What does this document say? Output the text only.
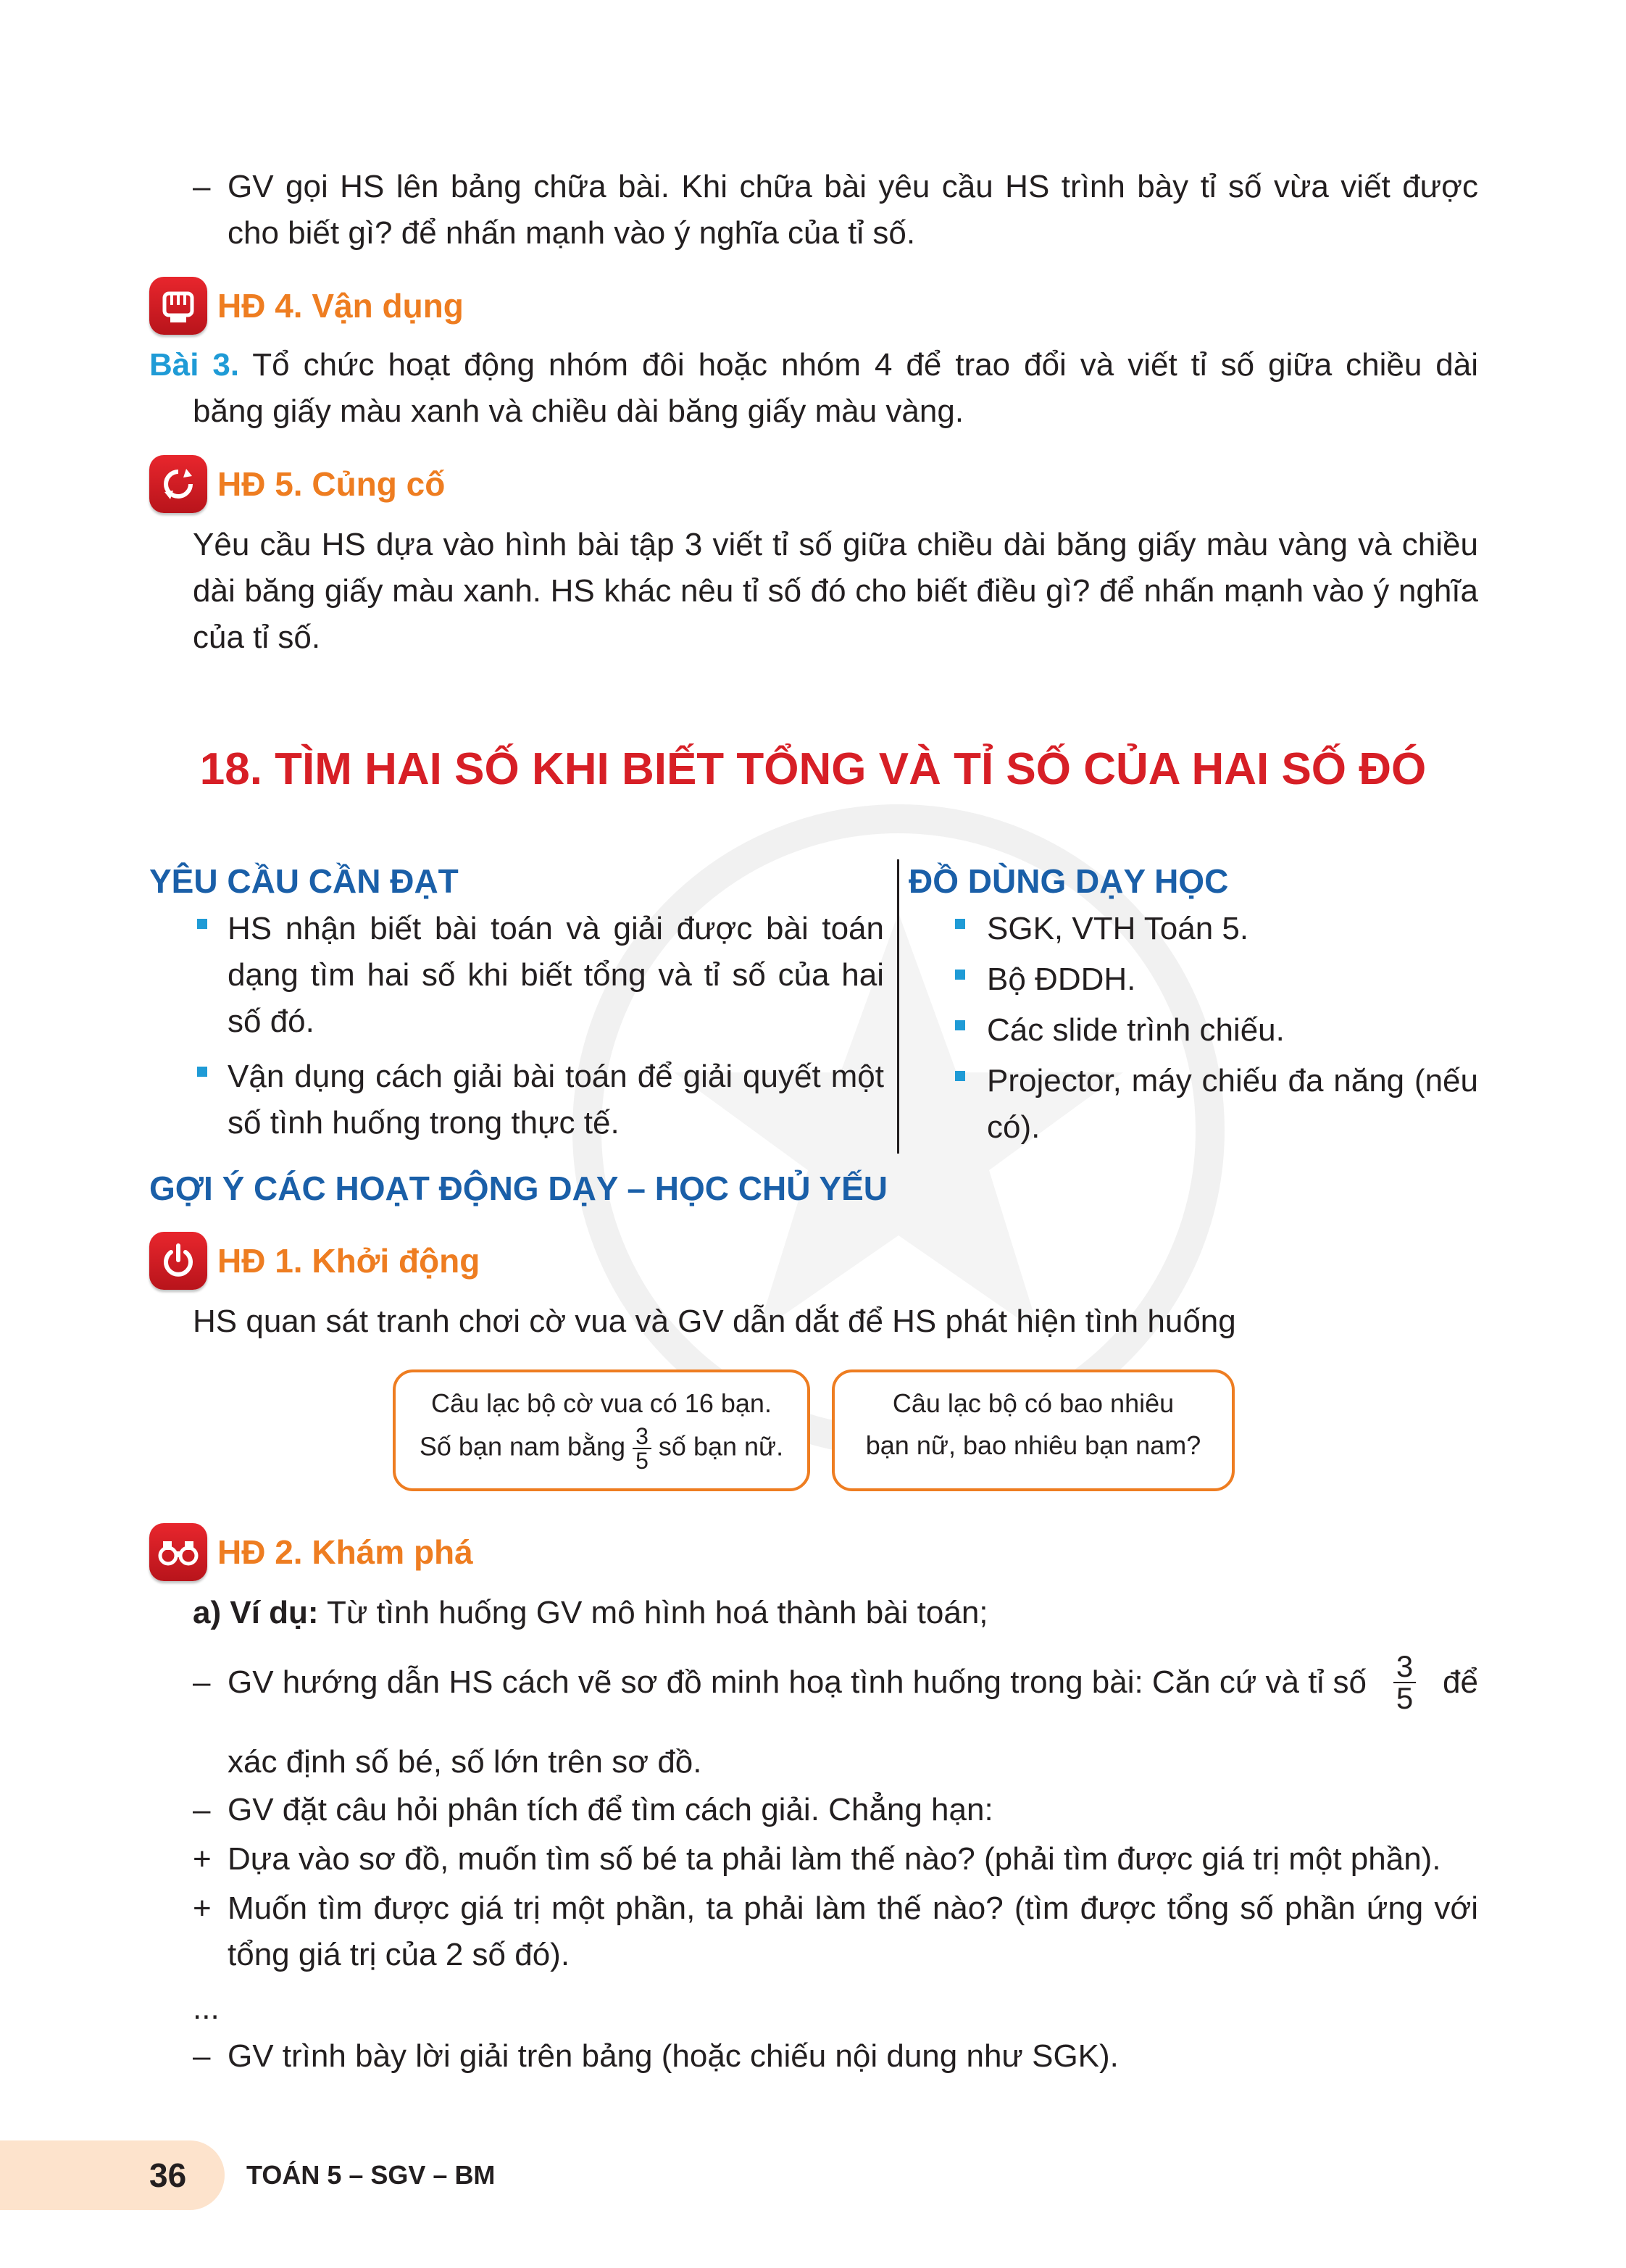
– GV gọi HS lên bảng chữa bài. Khi chữa bài yêu cầu HS trình bày tỉ số vừa viết được
cho biết gì? để nhấn mạnh vào ý nghĩa của tỉ số.
HĐ 4. Vận dụng
Bài 3. Tổ chức hoạt động nhóm đôi hoặc nhóm 4 để trao đổi và viết tỉ số giữa chiều dài
băng giấy màu xanh và chiều dài băng giấy màu vàng.
HĐ 5. Củng cố
Yêu cầu HS dựa vào hình bài tập 3 viết tỉ số giữa chiều dài băng giấy màu vàng và chiều dài băng giấy màu xanh. HS khác nêu tỉ số đó cho biết điều gì? để nhấn mạnh vào ý nghĩa của tỉ số.
18. TÌM HAI SỐ KHI BIẾT TỔNG VÀ TỈ SỐ CỦA HAI SỐ ĐÓ
YÊU CẦU CẦN ĐẠT
HS nhận biết bài toán và giải được bài toán dạng tìm hai số khi biết tổng và tỉ số của hai số đó.
Vận dụng cách giải bài toán để giải quyết một số tình huống trong thực tế.
ĐỒ DÙNG DẠY HỌC
SGK, VTH Toán 5.
Bộ ĐDDH.
Các slide trình chiếu.
Projector, máy chiếu đa năng (nếu có).
GỢI Ý CÁC HOẠT ĐỘNG DẠY – HỌC CHỦ YẾU
HĐ 1. Khởi động
HS quan sát tranh chơi cờ vua và GV dẫn dắt để HS phát hiện tình huống
Câu lạc bộ cờ vua có 16 bạn.
Số bạn nam bằng $\frac{3}{5}$ số bạn nữ.
Câu lạc bộ có bao nhiêu
bạn nữ, bao nhiêu bạn nam?
HĐ 2. Khám phá
a) Ví dụ: Từ tình huống GV mô hình hoá thành bài toán;
– GV hướng dẫn HS cách vẽ sơ đồ minh hoạ tình huống trong bài: Căn cứ và tỉ số $\frac{3}{5}$ để
xác định số bé, số lớn trên sơ đồ.
– GV đặt câu hỏi phân tích để tìm cách giải. Chẳng hạn:
+ Dựa vào sơ đồ, muốn tìm số bé ta phải làm thế nào? (phải tìm được giá trị một phần).
+ Muốn tìm được giá trị một phần, ta phải làm thế nào? (tìm được tổng số phần ứng với tổng giá trị của 2 số đó).
...
– GV trình bày lời giải trên bảng (hoặc chiếu nội dung như SGK).
36 TOÁN 5 – SGV – BM
